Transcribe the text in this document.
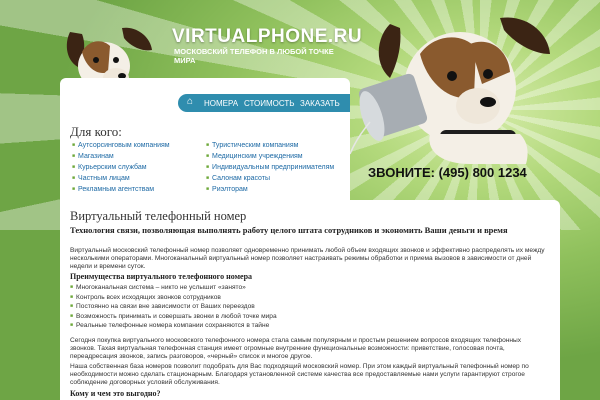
VIRTUALPHONE.RU
МОСКОВСКИЙ ТЕЛЕФОН В ЛЮБОЙ ТОЧКЕ МИРА
⌂	НОМЕРА СТОИМОСТЬ ЗАКАЗАТЬ
Для кого:
■ Аутсорсинговым компаниям
■ Магазинам
■ Курьерским службам
■ Частным лицам
■ Рекламным агентствам
■ Туристическим компаниям
■ Медицинским учреждениям
■ Индивидуальным предпринимателям
■ Салонам красоты
■ Риэлторам
ЗВОНИТЕ: (495) 800 1234
Виртуальный телефонный номер
Технология связи, позволяющая выполнять работу целого штата сотрудников и экономить Ваши деньги и время
Виртуальный московский телефонный номер позволяет одновременно принимать любой объем входящих звонков и эффективно распределять их между несколькими операторами. Многоканальный виртуальный номер позволяет настраивать режимы обработки и приема вызовов в зависимости от дней недели и времени суток.
Преимущества виртуального телефонного номера
■ Многоканальная система – никто не услышит «занято»
■ Контроль всех исходящих звонков сотрудников
■ Постоянно на связи вне зависимости от Ваших переездов
■ Возможность принимать и совершать звонки в любой точке мира
■ Реальные телефонные номера компании сохраняются в тайне
Сегодня покупка виртуального московского телефонного номера стала самым популярным и простым решением вопросов входящих телефонных звонков. Тахая виртуальная телефонная станция имеет огромные внутренние функциональные возможности: приветствие, голосовая почта, переадресация звонков, запись разговоров, «черный» список и многое другое.
Наша собственная база номеров позволит подобрать для Вас подходящий московский номер. При этом каждый виртуальный телефонный номер по необходимости можно сделать стационарным. Благодаря установленной системе качества все предоставляемые нами услуги гарантируют строгое соблюдение договорных условий обслуживания.
Кому и чем это выгодно?
